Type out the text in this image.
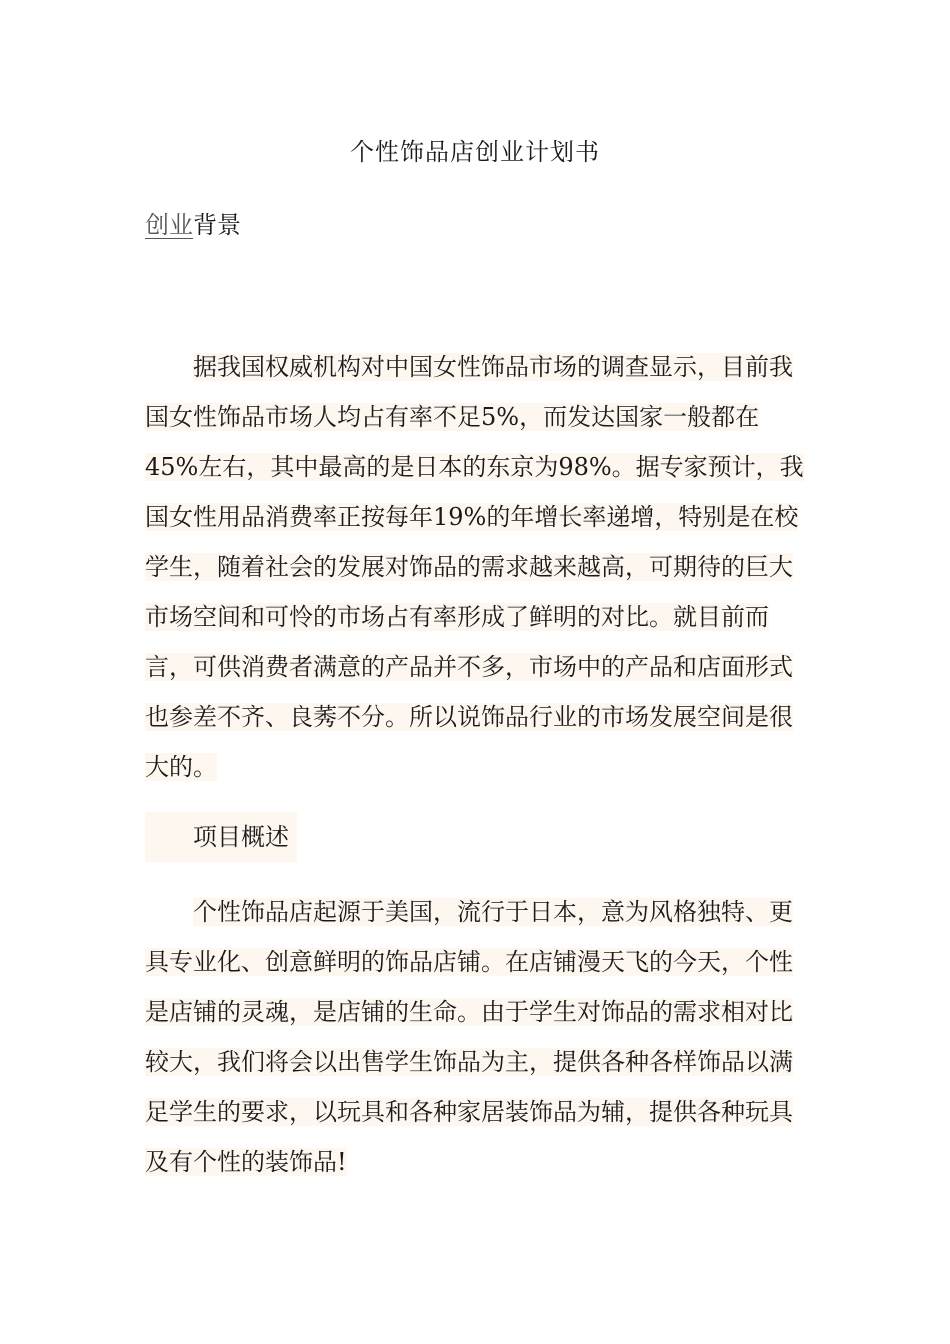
个性饰品店创业计划书
创业背景

据我国权威机构对中国女性饰品市场的调查显示，目前我国女性饰品市场人均占有率不足5%，而发达国家一般都在45%左右，其中最高的是日本的东京为98%。据专家预计，我国女性用品消费率正按每年19%的年增长率递增，特别是在校学生，随着社会的发展对饰品的需求越来越高，可期待的巨大市场空间和可怜的市场占有率形成了鲜明的对比。就目前而言，可供消费者满意的产品并不多，市场中的产品和店面形式也参差不齐、良莠不分。所以说饰品行业的市场发展空间是很大的。

项目概述

个性饰品店起源于美国，流行于日本，意为风格独特、更具专业化、创意鲜明的饰品店铺。在店铺漫天飞的今天，个性是店铺的灵魂，是店铺的生命。由于学生对饰品的需求相对比较大，我们将会以出售学生饰品为主，提供各种各样饰品以满足学生的要求，以玩具和各种家居装饰品为辅，提供各种玩具及有个性的装饰品!
